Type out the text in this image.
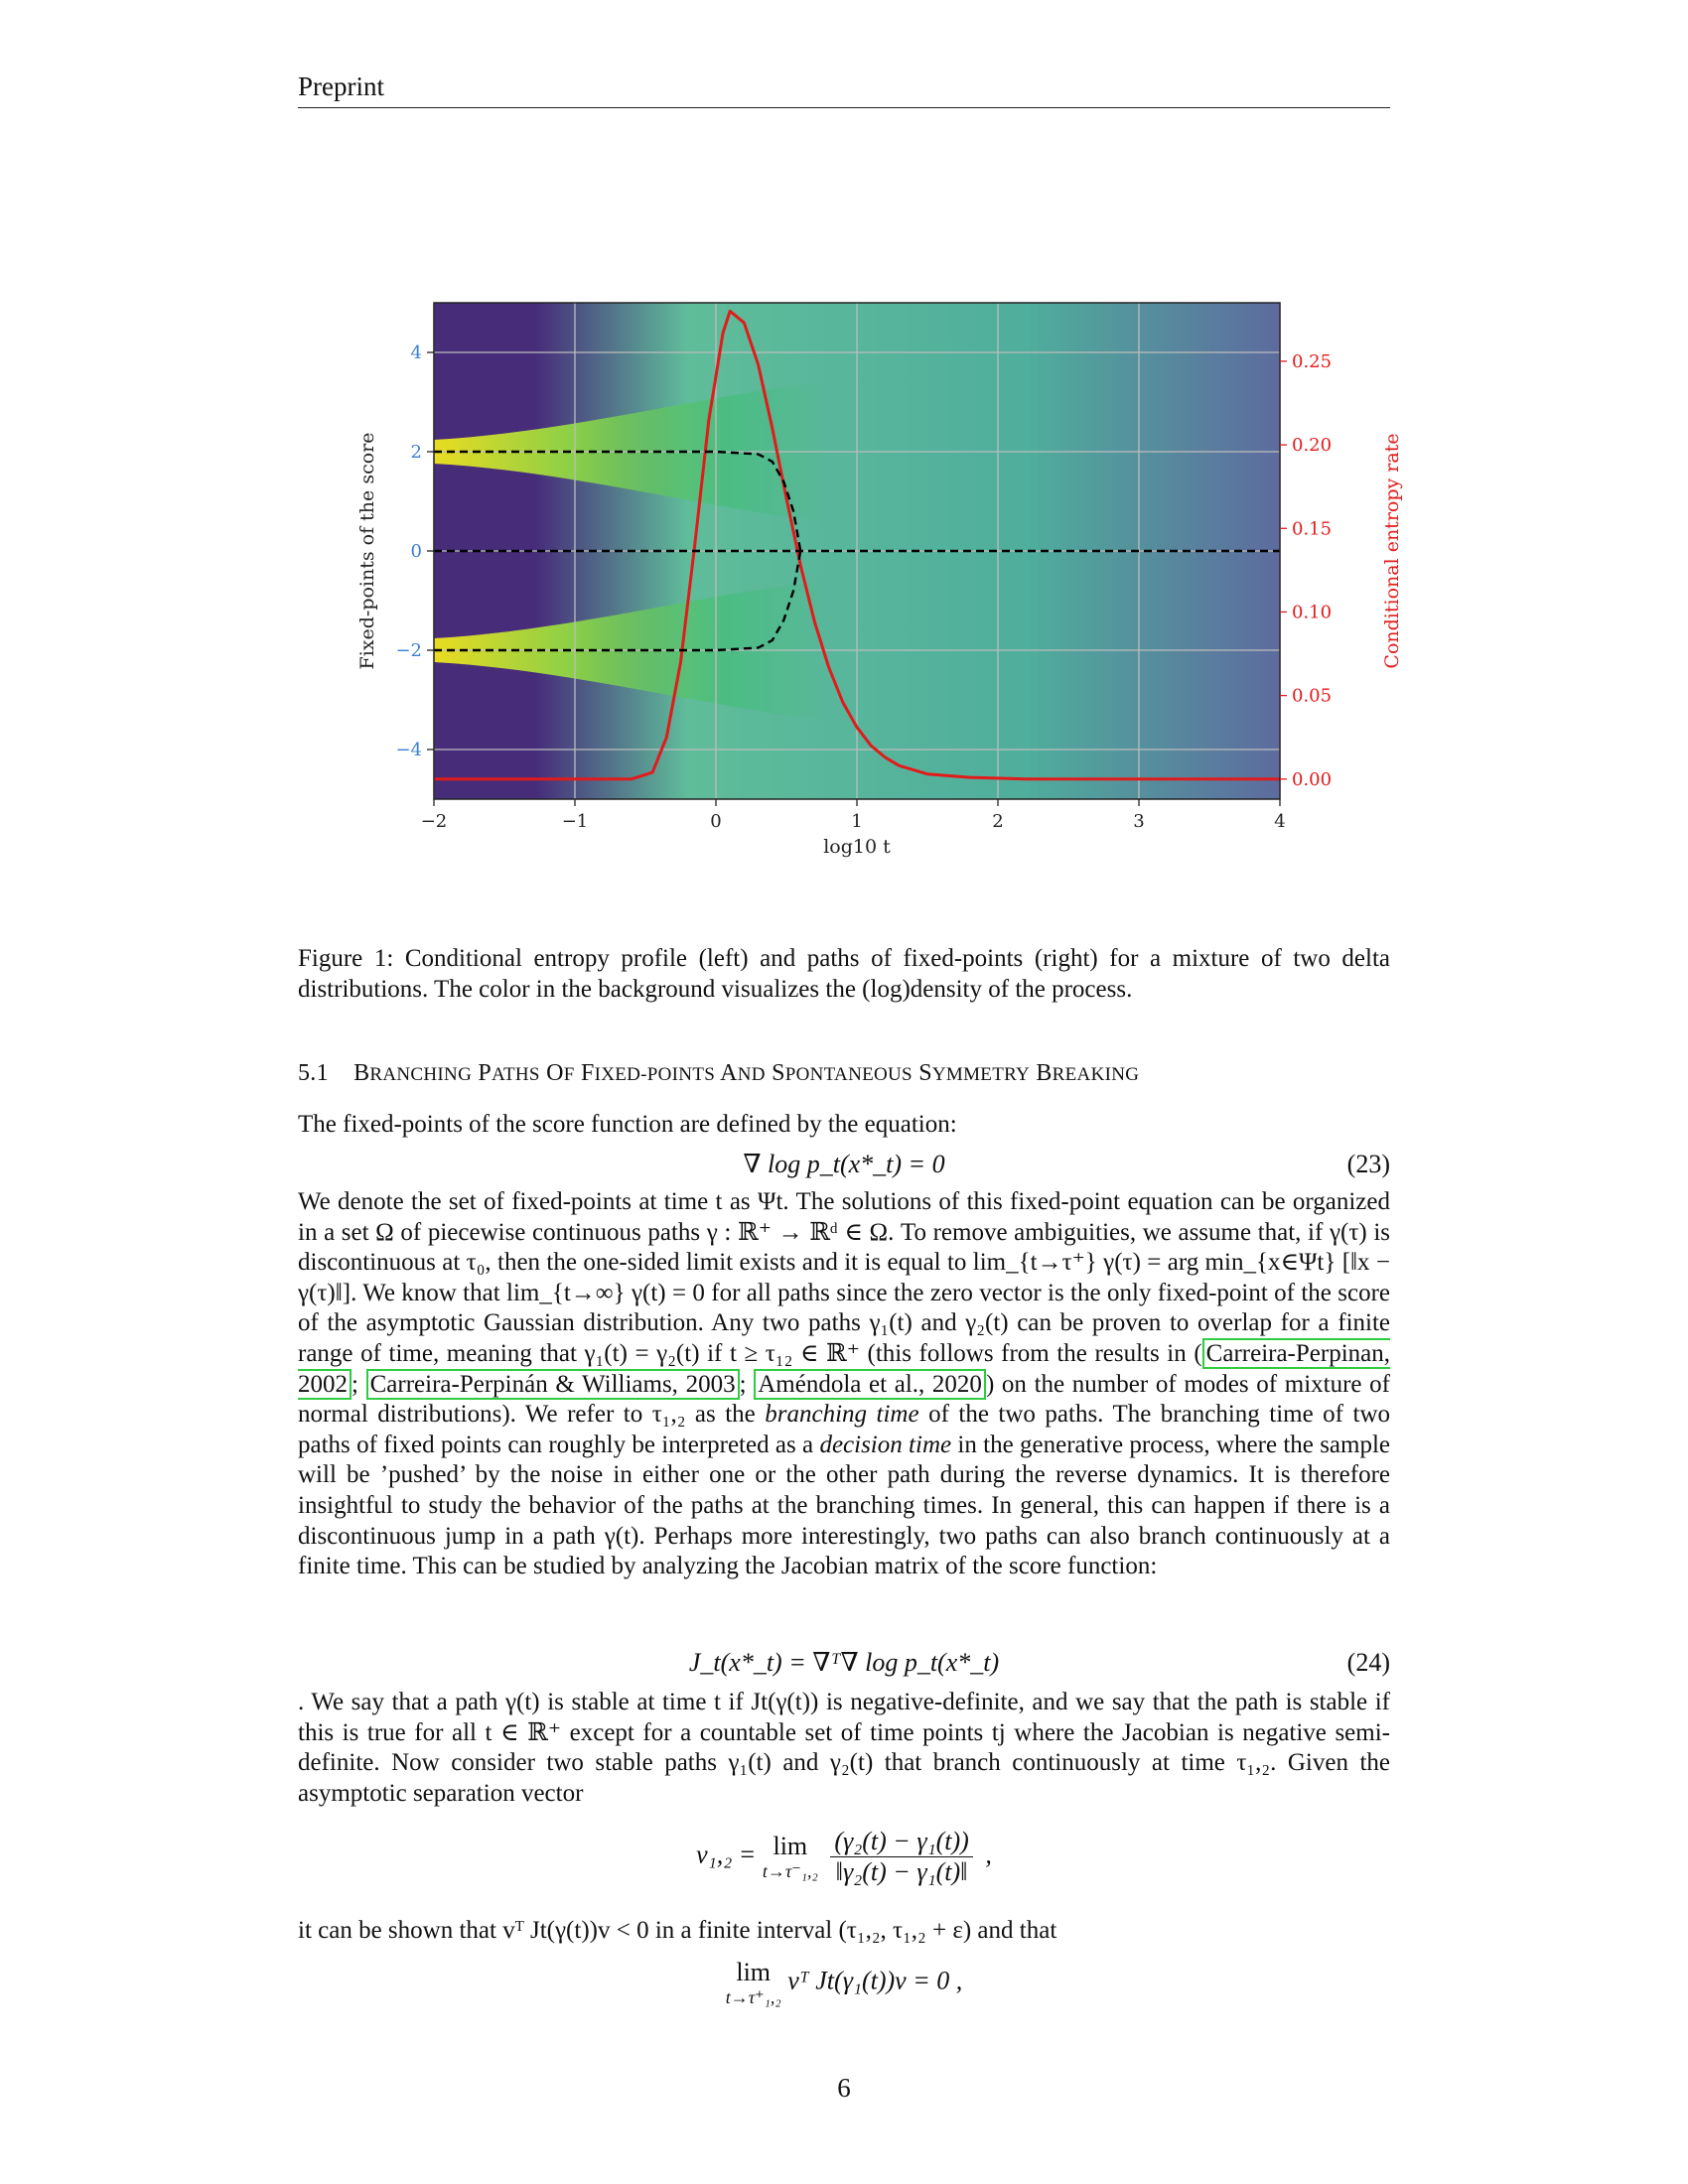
Preprint
−2	−1	0	1	2	3	4
−4
−2
0
2
4
0.00
0.05
0.10
0.15
0.20
0.25
log10 t
Fixed-points of the score	Conditional entropy rate
Figure 1: Conditional entropy profile (left) and paths of fixed-points (right) for a mixture of two delta distributions. The color in the background visualizes the (log)density of the process.
5.1 BRANCHING PATHS OF FIXED-POINTS AND SPONTANEOUS SYMMETRY BREAKING
The fixed-points of the score function are defined by the equation:
∇ log p_t(x*_t) = 0	(23)
We denote the set of fixed-points at time t as Ψt. The solutions of this fixed-point equation can be organized in a set Ω of piecewise continuous paths γ : ℝ⁺ → ℝᵈ ∈ Ω. To remove ambiguities, we assume that, if γ(τ) is discontinuous at τ₀, then the one-sided limit exists and it is equal to lim_{t→τ⁺} γ(τ) = arg min_{x∈Ψt} [‖x − γ(τ)‖]. We know that lim_{t→∞} γ(t) = 0 for all paths since the zero vector is the only fixed-point of the score of the asymptotic Gaussian distribution. Any two paths γ₁(t) and γ₂(t) can be proven to overlap for a finite range of time, meaning that γ₁(t) = γ₂(t) if t ≥ τ₁₂ ∈ ℝ⁺ (this follows from the results in ( Carreira-Perpinan, 2002 ; Carreira-Perpinán & Williams, 2003 ; Améndola et al., 2020 ) on the number of modes of mixture of normal distributions). We refer to τ₁,₂ as the branching time of the two paths. The branching time of two paths of fixed points can roughly be interpreted as a decision time in the generative process, where the sample will be ’pushed’ by the noise in either one or the other path during the reverse dynamics. It is therefore insightful to study the behavior of the paths at the branching times. In general, this can happen if there is a discontinuous jump in a path γ(t). Perhaps more interestingly, two paths can also branch continuously at a finite time. This can be studied by analyzing the Jacobian matrix of the score function:
J_t(x*_t) = ∇ᵀ∇ log p_t(x*_t)	(24)
. We say that a path γ(t) is stable at time t if Jt(γ(t)) is negative-definite, and we say that the path is stable if this is true for all t ∈ ℝ⁺ except for a countable set of time points tj where the Jacobian is negative semi-definite. Now consider two stable paths γ₁(t) and γ₂(t) that branch continuously at time τ₁,₂. Given the asymptotic separation vector
v₁,₂ = lim
t→τ⁻₁,₂
$\frac{\text{(γ₂(t) − γ₁(t))}}{\text{‖γ₂(t) − γ₁(t)‖}}$ ,
it can be shown that vᵀ Jt(γ(t))v < 0 in a finite interval (τ₁,₂, τ₁,₂ + ε) and that
lim
t→τ⁺₁,₂
vᵀ Jt(γ₁(t))v = 0 ,
6
